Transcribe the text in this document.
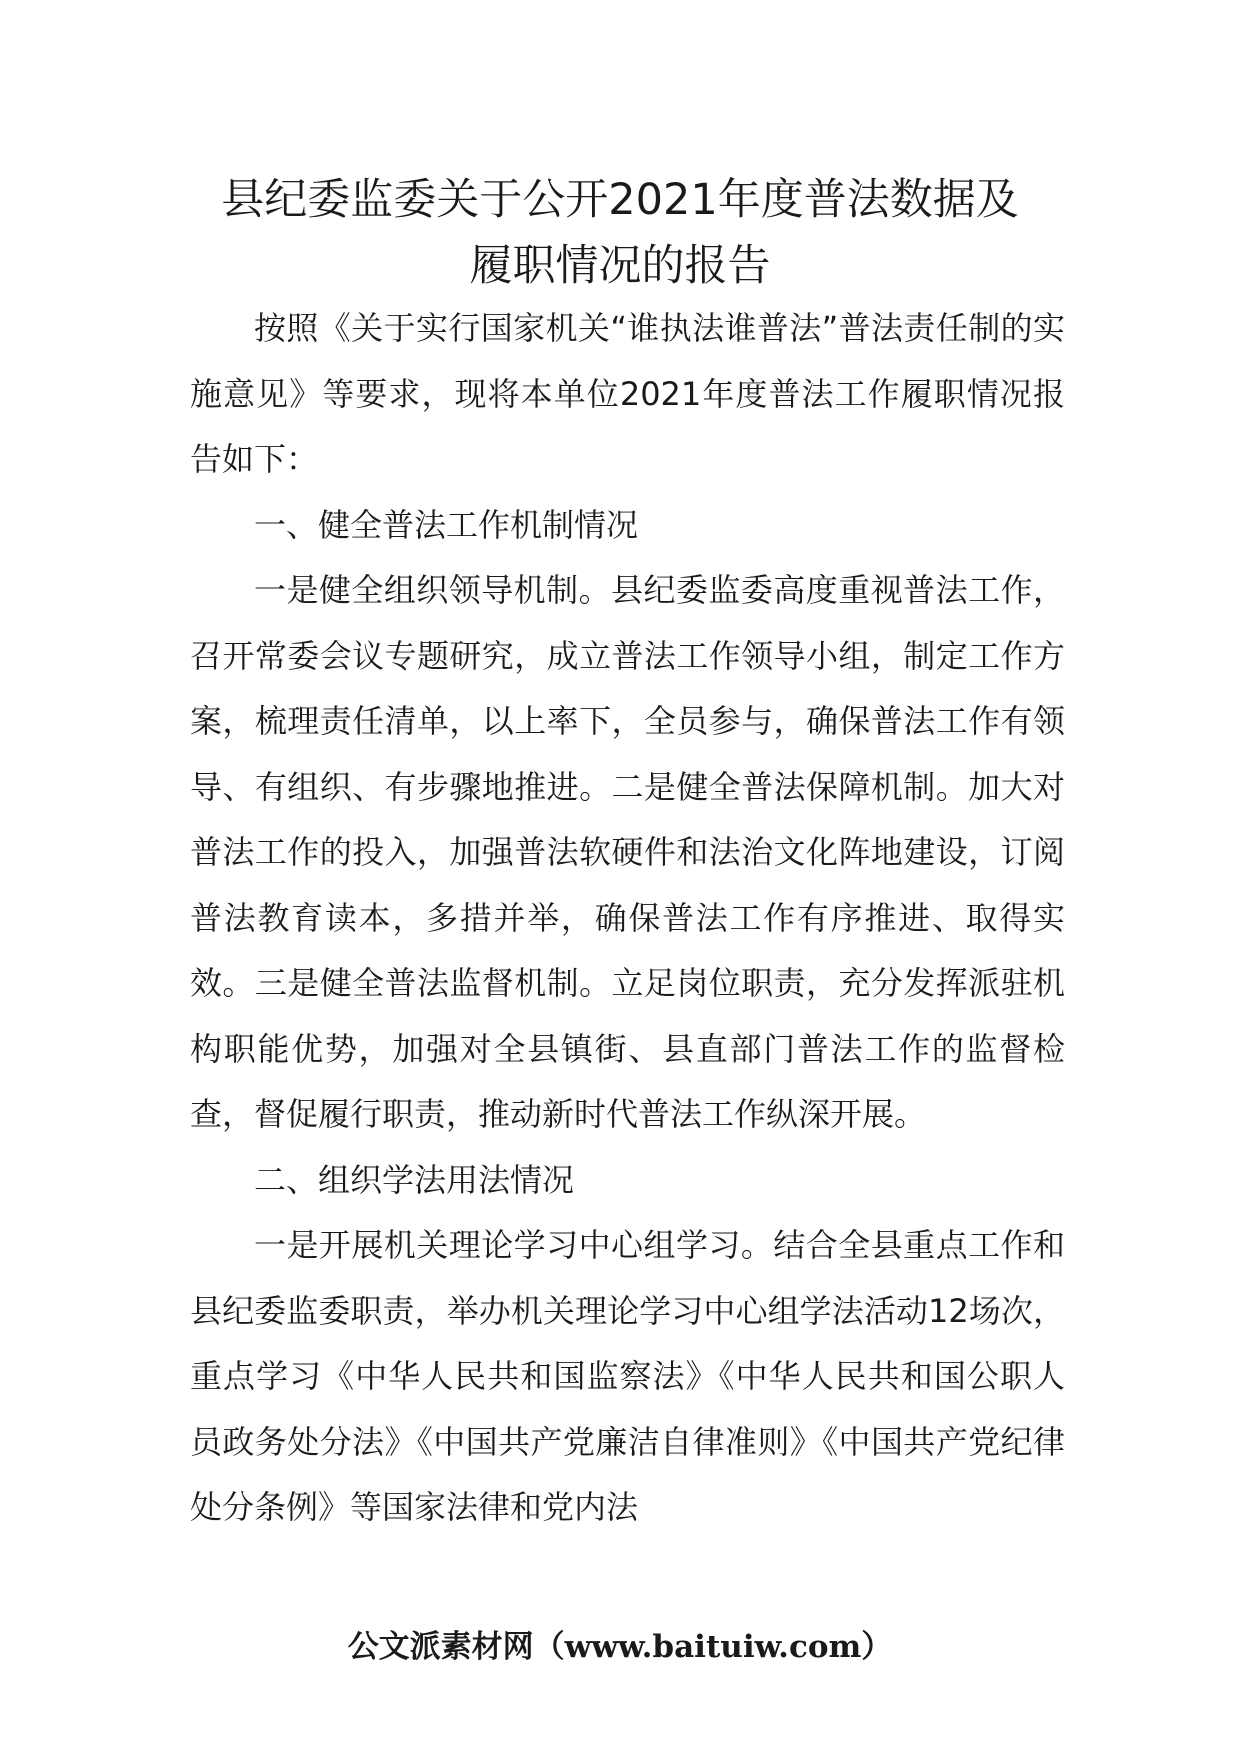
县纪委监委关于公开2021年度普法数据及
履职情况的报告

按照《关于实行国家机关“谁执法谁普法”普法责任制的实施意见》等要求，现将本单位2021年度普法工作履职情况报告如下：

一、健全普法工作机制情况

一是健全组织领导机制。县纪委监委高度重视普法工作，召开常委会议专题研究，成立普法工作领导小组，制定工作方案，梳理责任清单，以上率下，全员参与，确保普法工作有领导、有组织、有步骤地推进。二是健全普法保障机制。加大对普法工作的投入，加强普法软硬件和法治文化阵地建设，订阅普法教育读本，多措并举，确保普法工作有序推进、取得实效。三是健全普法监督机制。立足岗位职责，充分发挥派驻机构职能优势，加强对全县镇街、县直部门普法工作的监督检查，督促履行职责，推动新时代普法工作纵深开展。

二、组织学法用法情况

一是开展机关理论学习中心组学习。结合全县重点工作和县纪委监委职责，举办机关理论学习中心组学法活动12场次，重点学习《中华人民共和国监察法》《中华人民共和国公职人员政务处分法》《中国共产党廉洁自律准则》《中国共产党纪律处分条例》等国家法律和党内法

公文派素材网（www.baituiw.com）
